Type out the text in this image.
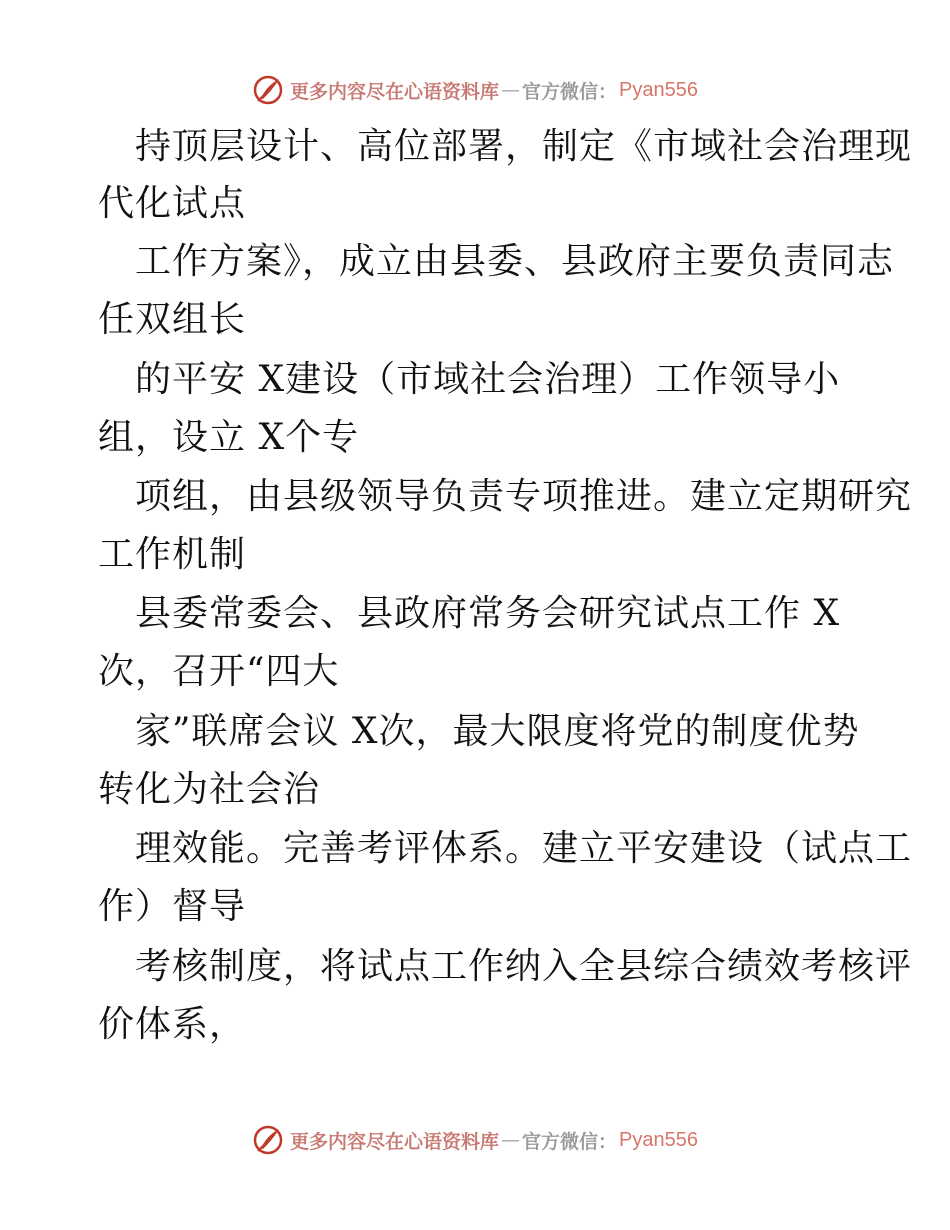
更多内容尽在心语资料库 — 官方微信： Pyan556
持顶层设计、高位部署，制定《市域社会治理现
代化试点
工作方案》，成立由县委、县政府主要负责同志
任双组长
的平安 X建设（市域社会治理）工作领导小
组，设立 X个专
项组，由县级领导负责专项推进。建立定期研究
工作机制
县委常委会、县政府常务会研究试点工作 X
次，召开“四大
家”联席会议 X次，最大限度将党的制度优势
转化为社会治
理效能。完善考评体系。建立平安建设（试点工
作）督导
考核制度，将试点工作纳入全县综合绩效考核评
价体系，
更多内容尽在心语资料库 — 官方微信： Pyan556
